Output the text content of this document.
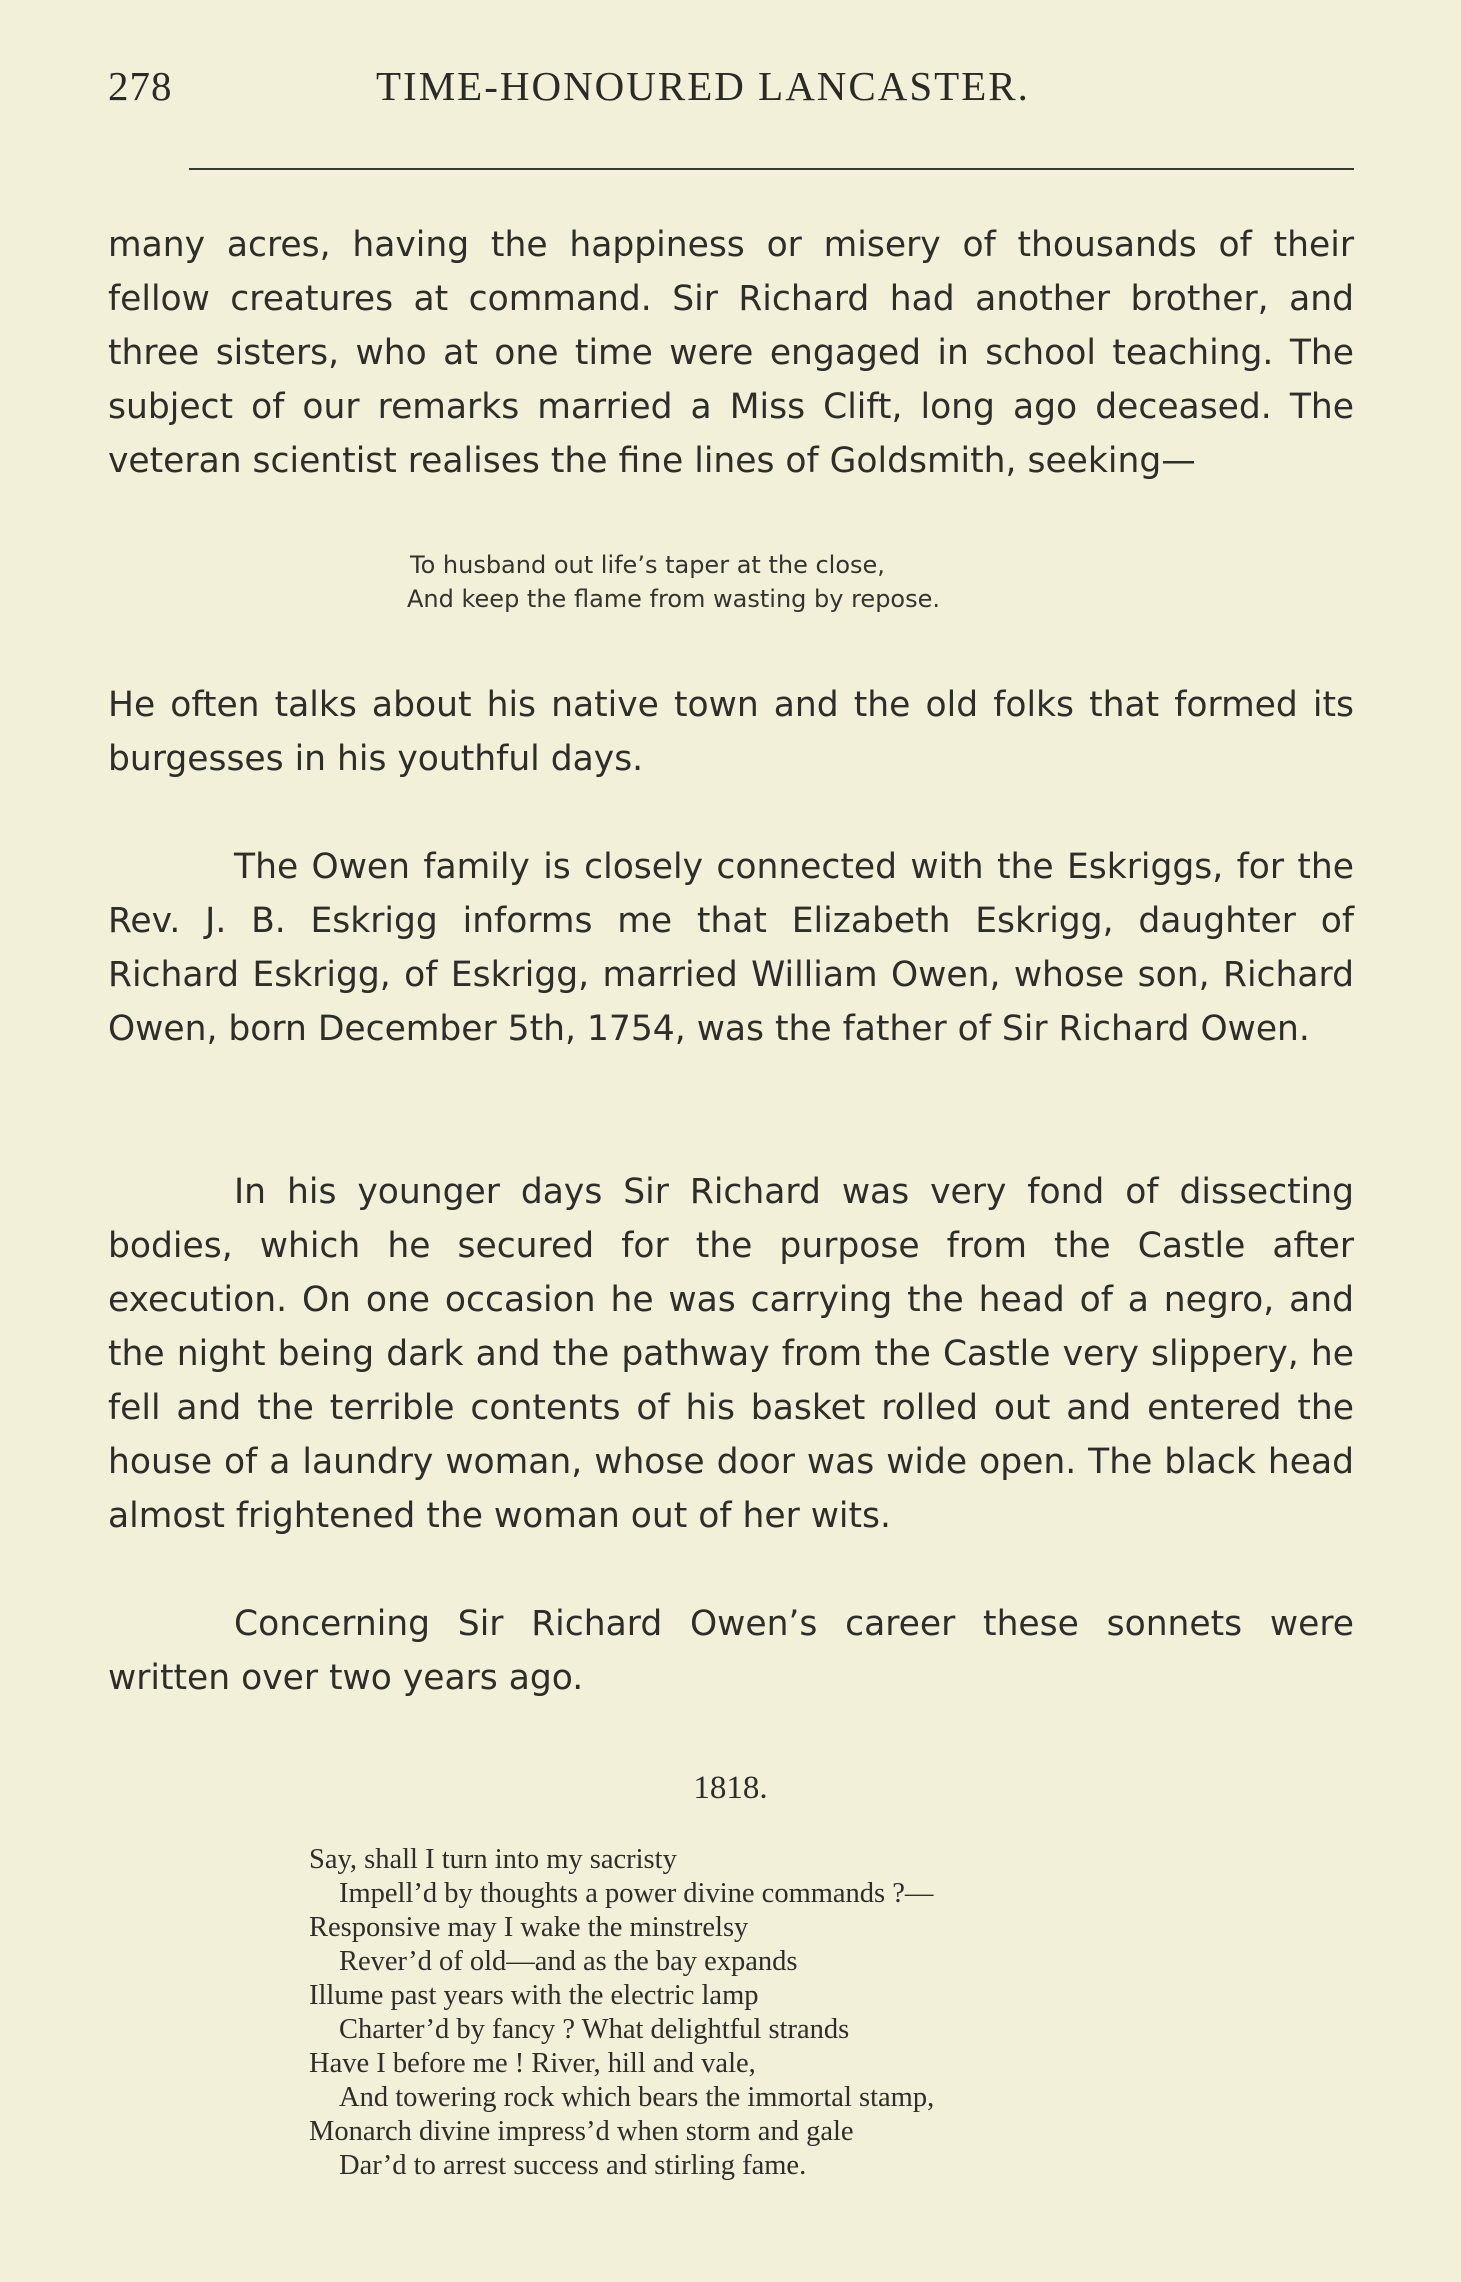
278	TIME-HONOURED LANCASTER.

many acres, having the happiness or misery of thousands of their fellow creatures at command. Sir Richard had another brother, and three sisters, who at one time were engaged in school teaching. The subject of our remarks married a Miss Clift, long ago deceased. The veteran scientist realises the fine lines of Goldsmith, seeking—

To husband out life’s taper at the close,
And keep the flame from wasting by repose.

He often talks about his native town and the old folks that formed its burgesses in his youthful days.

The Owen family is closely connected with the Eskriggs, for the Rev. J. B. Eskrigg informs me that Elizabeth Eskrigg, daughter of Richard Eskrigg, of Eskrigg, married William Owen, whose son, Richard Owen, born December 5th, 1754, was the father of Sir Richard Owen.

In his younger days Sir Richard was very fond of dissecting bodies, which he secured for the purpose from the Castle after execution. On one occasion he was carrying the head of a negro, and the night being dark and the pathway from the Castle very slippery, he fell and the terrible contents of his basket rolled out and entered the house of a laundry woman, whose door was wide open. The black head almost frightened the woman out of her wits.

Concerning Sir Richard Owen’s career these sonnets were written over two years ago.

1818.
Say, shall I turn into my sacristy
Impell’d by thoughts a power divine commands ?—
Responsive may I wake the minstrelsy
Rever’d of old—and as the bay expands
Illume past years with the electric lamp
Charter’d by fancy ? What delightful strands
Have I before me ! River, hill and vale,
And towering rock which bears the immortal stamp,
Monarch divine impress’d when storm and gale
Dar’d to arrest success and stirling fame.
